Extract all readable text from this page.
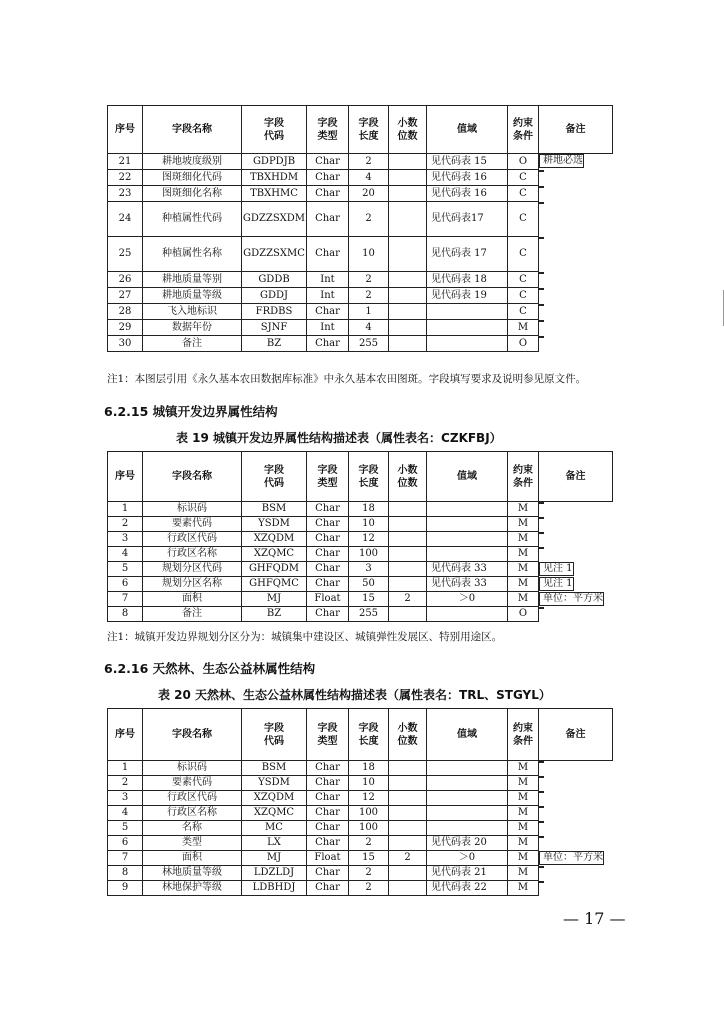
序号	字段名称	字段代码	字段类型	字段长度	小数位数	值域	约束条件	备注
21	耕地坡度级别	GDPDJB	Char	2		见代码表 15	O		耕地必选

22	图斑细化代码	TBXHDM	Char	4		见代码表 16	C	

23	图斑细化名称	TBXHMC	Char	20		见代码表 16	C	

24	种植属性代码	GDZZSXDM	Char	2		见代码表17	C	

25	种植属性名称	GDZZSXMC	Char	10		见代码表 17	C	

26	耕地质量等别	GDDB	Int	2		见代码表 18	C	

27	耕地质量等级	GDDJ	Int	2		见代码表 19	C	

28	飞入地标识	FRDBS	Char	1			C	

29	数据年份	SJNF	Int	4			M	

30	备注	BZ	Char	255			O	
注1：本图层引用《永久基本农田数据库标准》中永久基本农田图斑。字段填写要求及说明参见原文件。
6.2.15 城镇开发边界属性结构
表 19 城镇开发边界属性结构描述表（属性表名：CZKFBJ）
序号	字段名称	字段代码	字段类型	字段长度	小数位数	值域	约束条件	备注
1	标识码	BSM	Char	18			M	

2	要素代码	YSDM	Char	10			M	

3	行政区代码	XZQDM	Char	12			M	

4	行政区名称	XZQMC	Char	100			M	

5	规划分区代码	GHFQDM	Char	3		见代码表 33	M		见注 1

6	规划分区名称	GHFQMC	Char	50		见代码表 33	M		见注 1

7	面积	MJ	Float	15	2	＞0	M		单位：平方米

8	备注	BZ	Char	255			O	
注1：城镇开发边界规划分区分为：城镇集中建设区、城镇弹性发展区、特别用途区。
6.2.16 天然林、生态公益林属性结构
表 20 天然林、生态公益林属性结构描述表（属性表名：TRL、STGYL）
序号	字段名称	字段代码	字段类型	字段长度	小数位数	值域	约束条件	备注
1	标识码	BSM	Char	18			M	

2	要素代码	YSDM	Char	10			M	

3	行政区代码	XZQDM	Char	12			M	

4	行政区名称	XZQMC	Char	100			M	

5	名称	MC	Char	100			M	

6	类型	LX	Char	2		见代码表 20	M	

7	面积	MJ	Float	15	2	＞0	M		单位：平方米

8	林地质量等级	LDZLDJ	Char	2		见代码表 21	M	

9	林地保护等级	LDBHDJ	Char	2		见代码表 22	M	
— 17 —
